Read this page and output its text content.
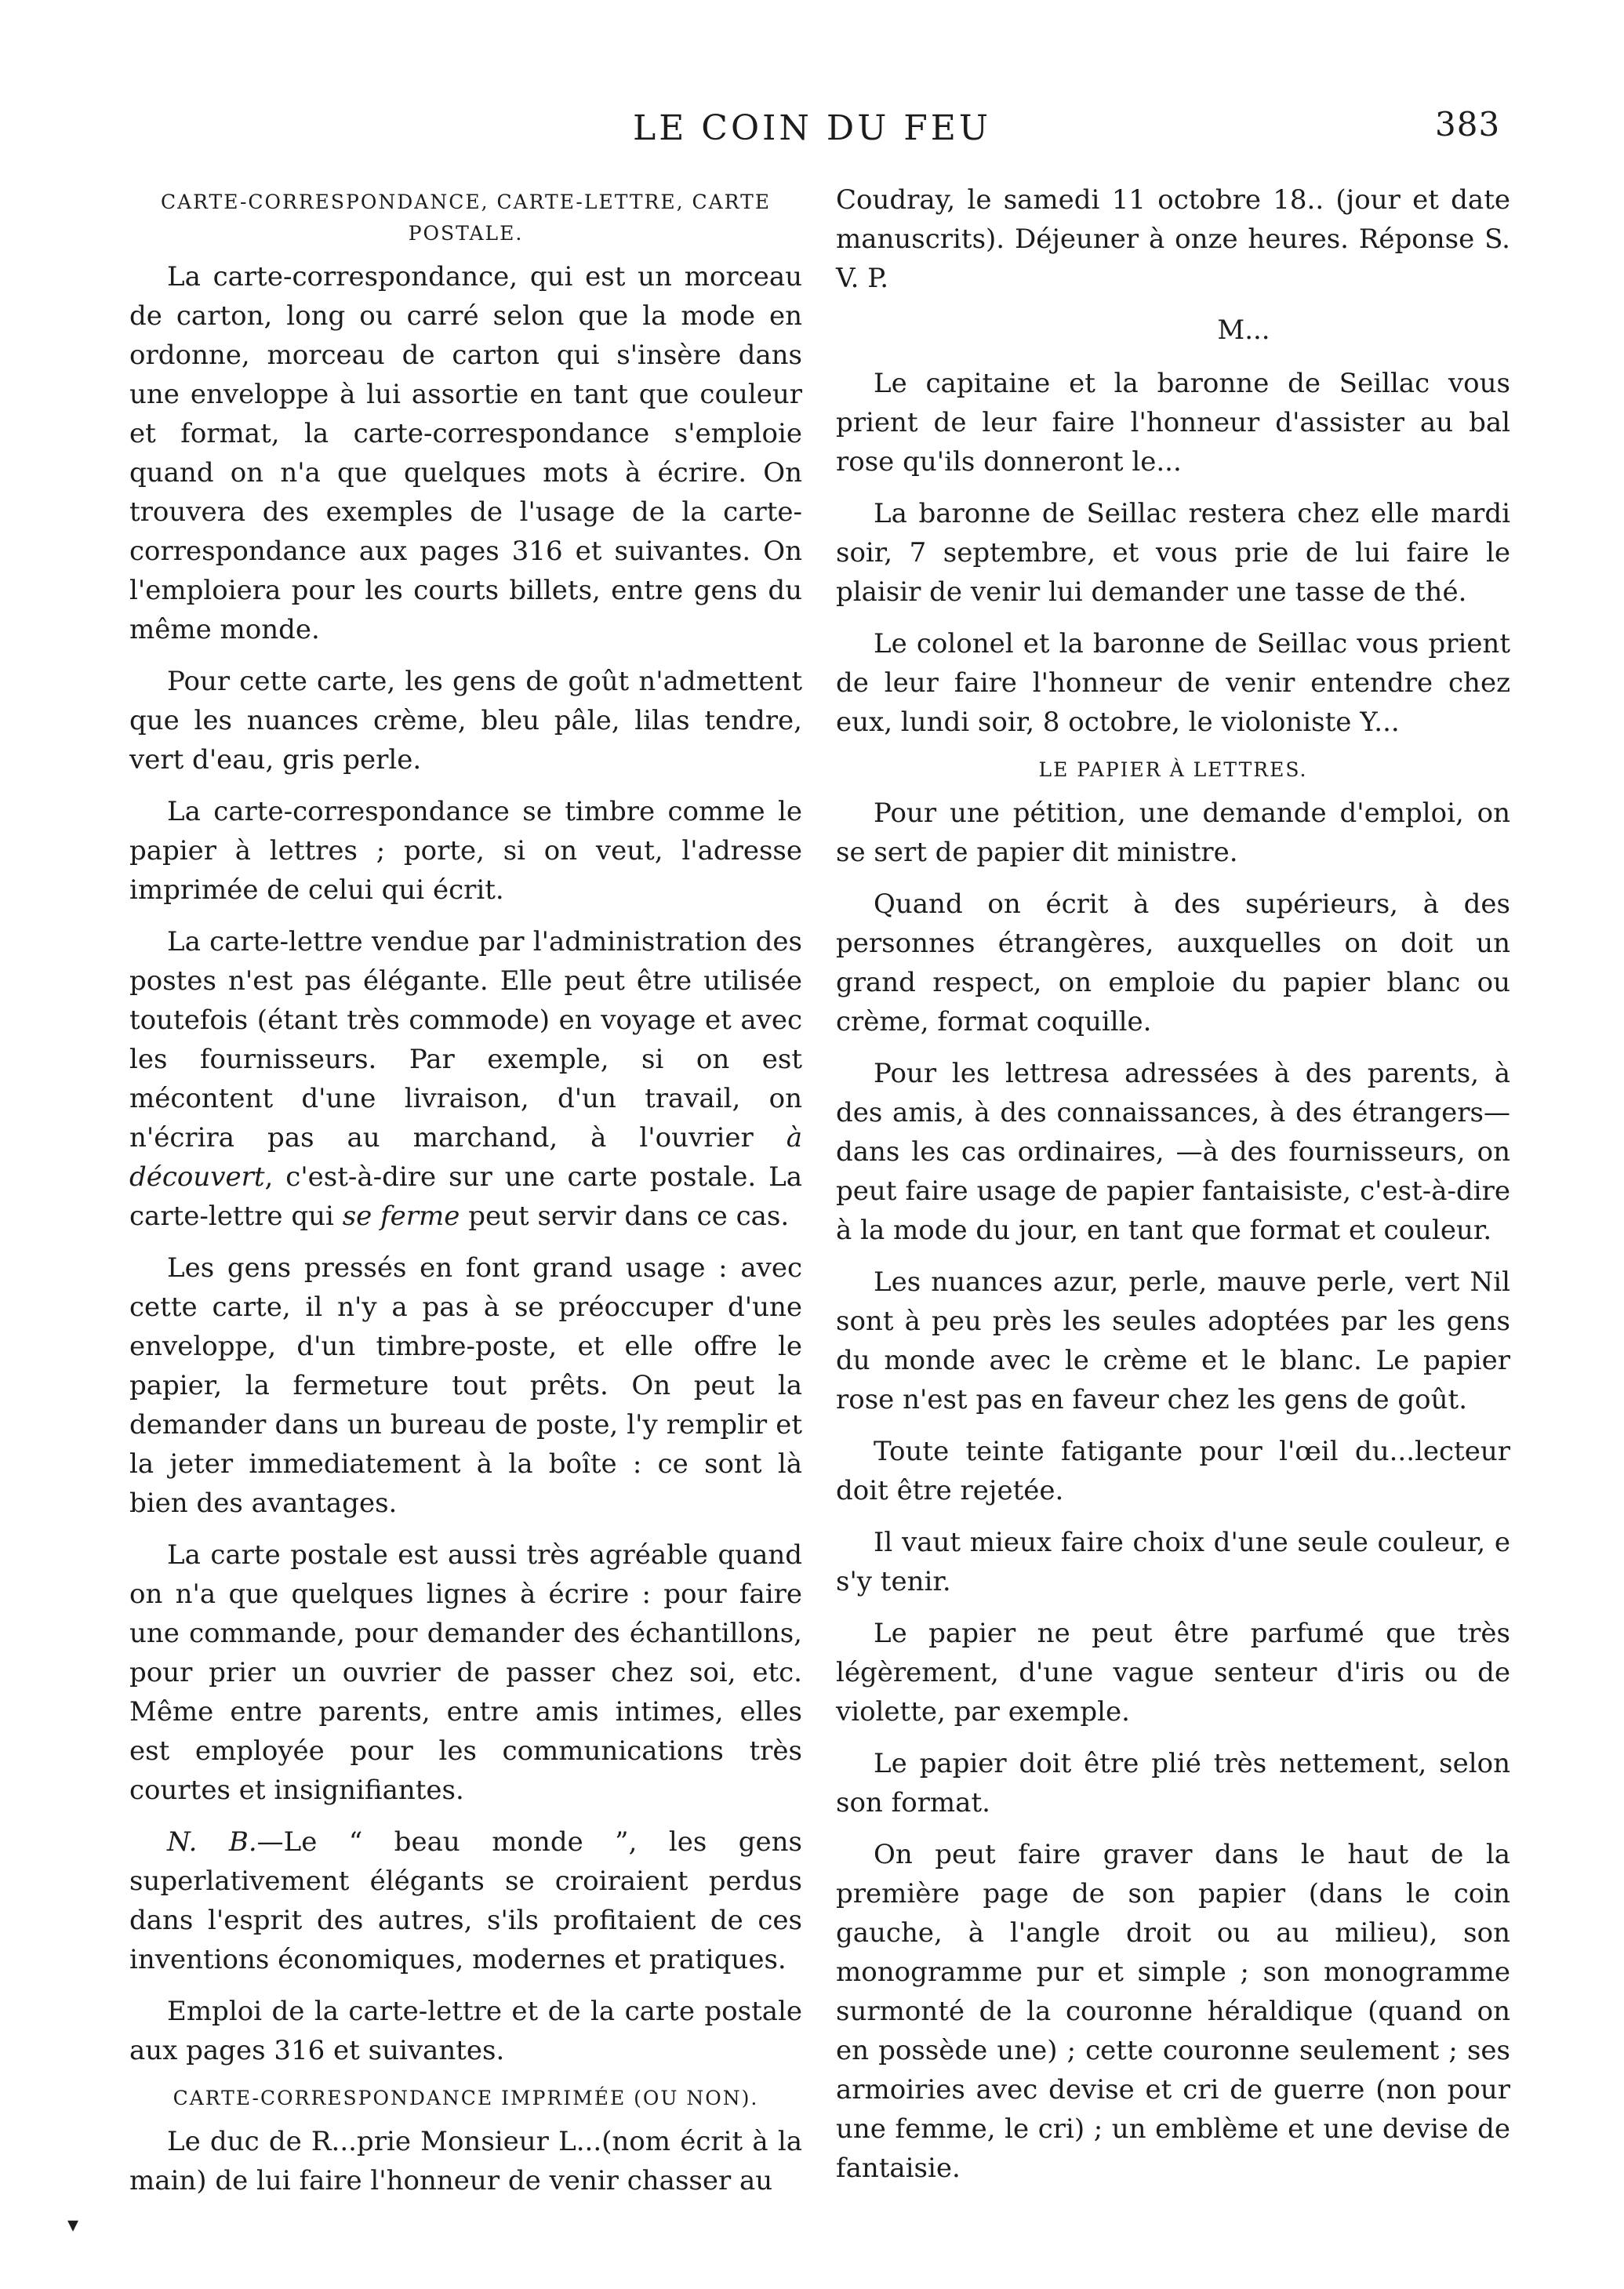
LE COIN DU FEU	383
CARTE-CORRESPONDANCE, CARTE-LETTRE, CARTE POSTALE.

La carte-correspondance, qui est un morceau de carton, long ou carré selon que la mode en ordonne, morceau de carton qui s'insère dans une enveloppe à lui assortie en tant que couleur et format, la carte-correspondance s'emploie quand on n'a que quelques mots à écrire. On trouvera des exemples de l'usage de la carte-correspondance aux pages 316 et suivantes. On l'emploiera pour les courts billets, entre gens du même monde.

Pour cette carte, les gens de goût n'admettent que les nuances crème, bleu pâle, lilas tendre, vert d'eau, gris perle.

La carte-correspondance se timbre comme le papier à lettres ; porte, si on veut, l'adresse imprimée de celui qui écrit.

La carte-lettre vendue par l'administration des postes n'est pas élégante. Elle peut être utilisée toutefois (étant très commode) en voyage et avec les fournisseurs. Par exemple, si on est mécontent d'une livraison, d'un travail, on n'écrira pas au marchand, à l'ouvrier à découvert, c'est-à-dire sur une carte postale. La carte-lettre qui se ferme peut servir dans ce cas.

Les gens pressés en font grand usage : avec cette carte, il n'y a pas à se préoccuper d'une enveloppe, d'un timbre-poste, et elle offre le papier, la fermeture tout prêts. On peut la demander dans un bureau de poste, l'y remplir et la jeter immediatement à la boîte : ce sont là bien des avantages.

La carte postale est aussi très agréable quand on n'a que quelques lignes à écrire : pour faire une commande, pour demander des échantillons, pour prier un ouvrier de passer chez soi, etc. Même entre parents, entre amis intimes, elles est employée pour les communications très courtes et insignifiantes.

N. B.—Le “ beau monde ”, les gens superlativement élégants se croiraient perdus dans l'esprit des autres, s'ils profitaient de ces inventions économiques, modernes et pratiques.

Emploi de la carte-lettre et de la carte postale aux pages 316 et suivantes.

CARTE-CORRESPONDANCE IMPRIMÉE (OU NON).

Le duc de R...prie Monsieur L...(nom écrit à la main) de lui faire l'honneur de venir chasser au

Coudray, le samedi 11 octobre 18.. (jour et date manuscrits). Déjeuner à onze heures. Réponse S. V. P.

M...

Le capitaine et la baronne de Seillac vous prient de leur faire l'honneur d'assister au bal rose qu'ils donneront le...

La baronne de Seillac restera chez elle mardi soir, 7 septembre, et vous prie de lui faire le plaisir de venir lui demander une tasse de thé.

Le colonel et la baronne de Seillac vous prient de leur faire l'honneur de venir entendre chez eux, lundi soir, 8 octobre, le violoniste Y...

LE PAPIER À LETTRES.

Pour une pétition, une demande d'emploi, on se sert de papier dit ministre.

Quand on écrit à des supérieurs, à des personnes étrangères, auxquelles on doit un grand respect, on emploie du papier blanc ou crème, format coquille.

Pour les lettresa adressées à des parents, à des amis, à des connaissances, à des étrangers—dans les cas ordinaires, —à des fournisseurs, on peut faire usage de papier fantaisiste, c'est-à-dire à la mode du jour, en tant que format et couleur.

Les nuances azur, perle, mauve perle, vert Nil sont à peu près les seules adoptées par les gens du monde avec le crème et le blanc. Le papier rose n'est pas en faveur chez les gens de goût.

Toute teinte fatigante pour l'œil du...lecteur doit être rejetée.

Il vaut mieux faire choix d'une seule couleur, e s'y tenir.

Le papier ne peut être parfumé que très légèrement, d'une vague senteur d'iris ou de violette, par exemple.

Le papier doit être plié très nettement, selon son format.

On peut faire graver dans le haut de la première page de son papier (dans le coin gauche, à l'angle droit ou au milieu), son monogramme pur et simple ; son monogramme surmonté de la couronne héraldique (quand on en possède une) ; cette couronne seulement ; ses armoiries avec devise et cri de guerre (non pour une femme, le cri) ; un emblème et une devise de fantaisie.

▾
